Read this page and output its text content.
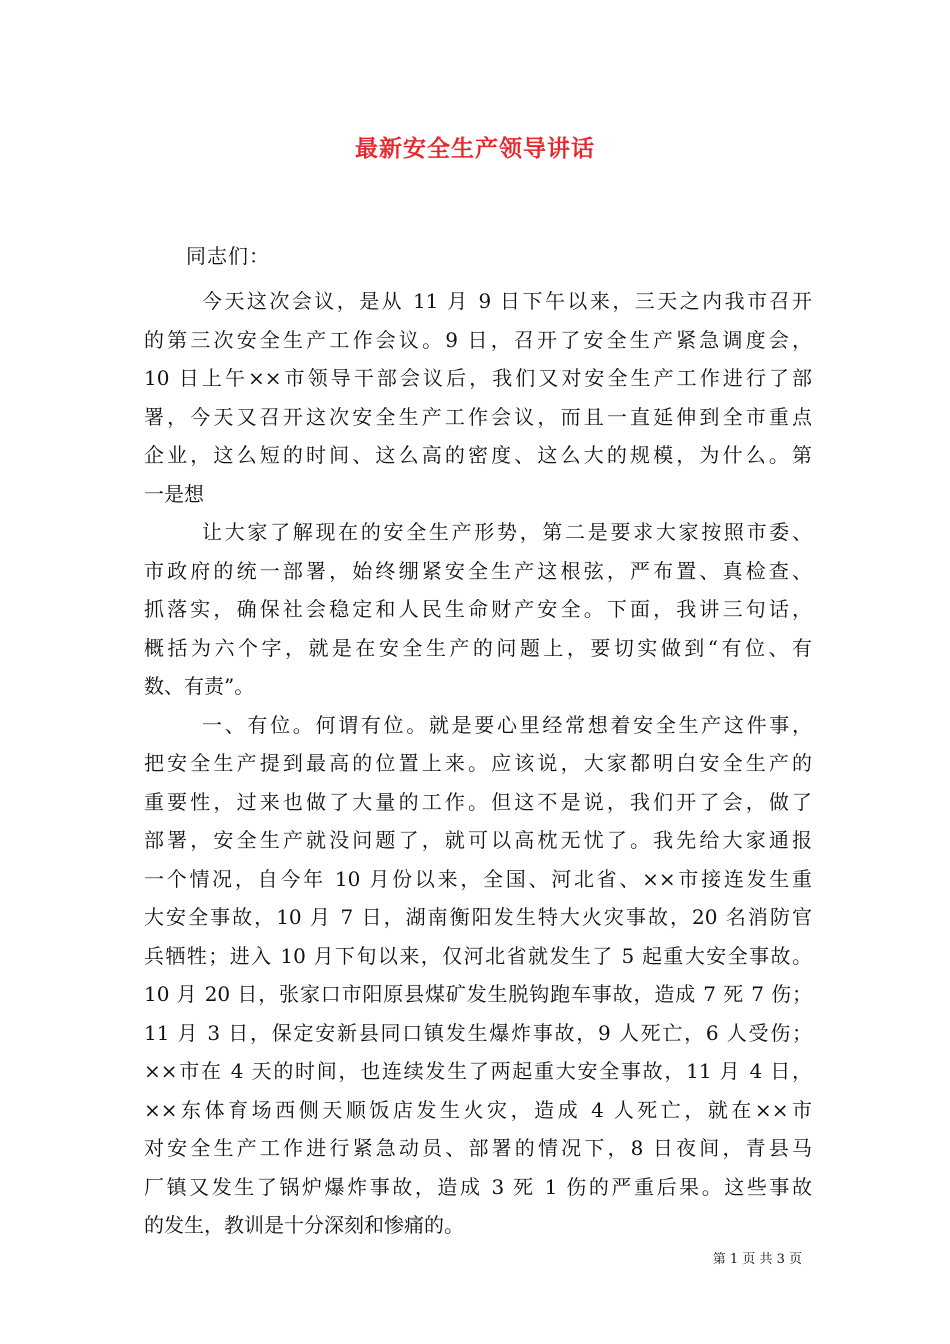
最新安全生产领导讲话
同志们：
今天这次会议，是从 11 月 9 日下午以来，三天之内我市召开
的第三次安全生产工作会议。9 日，召开了安全生产紧急调度会，
10 日上午××市领导干部会议后，我们又对安全生产工作进行了部
署，今天又召开这次安全生产工作会议，而且一直延伸到全市重点
企业，这么短的时间、这么高的密度、这么大的规模，为什么。第
一是想
让大家了解现在的安全生产形势，第二是要求大家按照市委、
市政府的统一部署，始终绷紧安全生产这根弦，严布置、真检查、
抓落实，确保社会稳定和人民生命财产安全。下面，我讲三句话，
概括为六个字，就是在安全生产的问题上，要切实做到“有位、有
数、有责”。
一、有位。何谓有位。就是要心里经常想着安全生产这件事，
把安全生产提到最高的位置上来。应该说，大家都明白安全生产的
重要性，过来也做了大量的工作。但这不是说，我们开了会，做了
部署，安全生产就没问题了，就可以高枕无忧了。我先给大家通报
一个情况，自今年 10 月份以来，全国、河北省、××市接连发生重
大安全事故，10 月 7 日，湖南衡阳发生特大火灾事故，20 名消防官
兵牺牲；进入 10 月下旬以来，仅河北省就发生了 5 起重大安全事故。
10 月 20 日，张家口市阳原县煤矿发生脱钩跑车事故，造成 7 死 7 伤；
11 月 3 日，保定安新县同口镇发生爆炸事故，9 人死亡，6 人受伤；
××市在 4 天的时间，也连续发生了两起重大安全事故，11 月 4 日，
××东体育场西侧天顺饭店发生火灾，造成 4 人死亡，就在××市
对安全生产工作进行紧急动员、部署的情况下，8 日夜间，青县马
厂镇又发生了锅炉爆炸事故，造成 3 死 1 伤的严重后果。这些事故
的发生，教训是十分深刻和惨痛的。
第 1 页 共 3 页
